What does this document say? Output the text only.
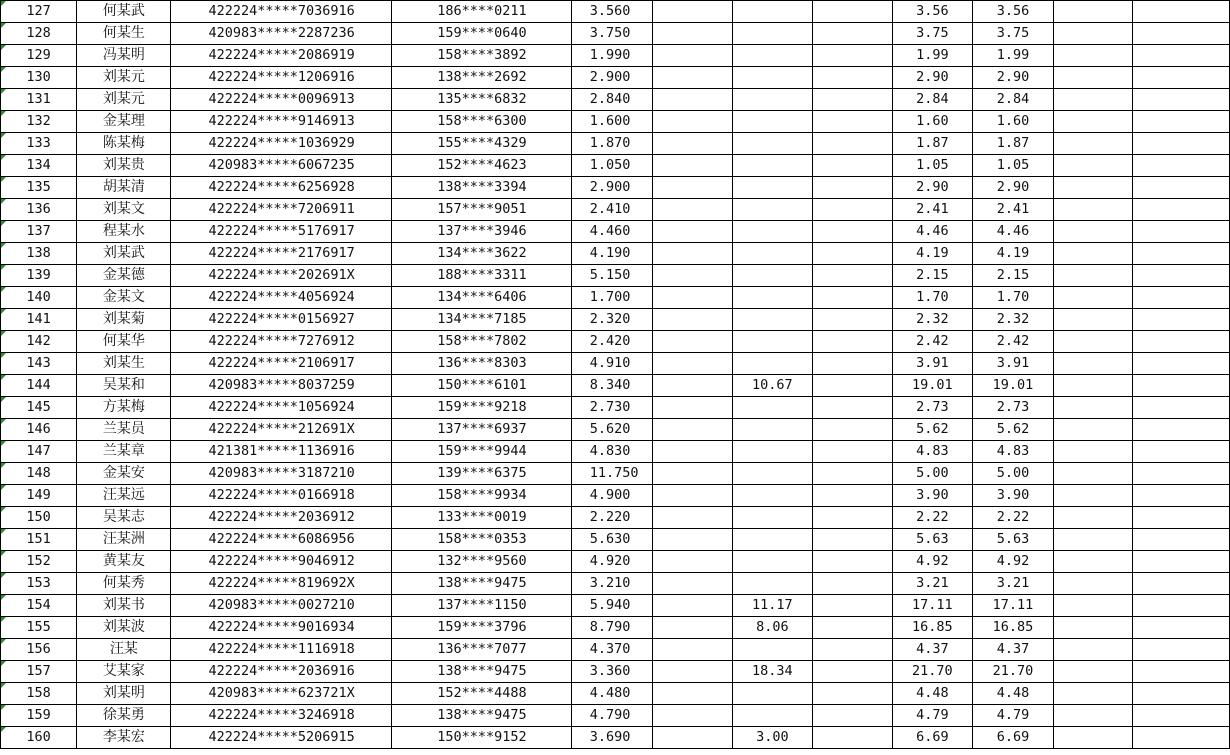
127	何某武	422224*****7036916	186****0211	3.560				3.56	3.56		
128	何某生	420983*****2287236	159****0640	3.750				3.75	3.75		
129	冯某明	422224*****2086919	158****3892	1.990				1.99	1.99		
130	刘某元	422224*****1206916	138****2692	2.900				2.90	2.90		
131	刘某元	422224*****0096913	135****6832	2.840				2.84	2.84		
132	金某理	422224*****9146913	158****6300	1.600				1.60	1.60		
133	陈某梅	422224*****1036929	155****4329	1.870				1.87	1.87		
134	刘某贵	420983*****6067235	152****4623	1.050				1.05	1.05		
135	胡某清	422224*****6256928	138****3394	2.900				2.90	2.90		
136	刘某文	422224*****7206911	157****9051	2.410				2.41	2.41		
137	程某水	422224*****5176917	137****3946	4.460				4.46	4.46		
138	刘某武	422224*****2176917	134****3622	4.190				4.19	4.19		
139	金某德	422224*****202691X	188****3311	5.150				2.15	2.15		
140	金某文	422224*****4056924	134****6406	1.700				1.70	1.70		
141	刘某菊	422224*****0156927	134****7185	2.320				2.32	2.32		
142	何某华	422224*****7276912	158****7802	2.420				2.42	2.42		
143	刘某生	422224*****2106917	136****8303	4.910				3.91	3.91		
144	吴某和	420983*****8037259	150****6101	8.340		10.67		19.01	19.01		
145	方某梅	422224*****1056924	159****9218	2.730				2.73	2.73		
146	兰某员	422224*****212691X	137****6937	5.620				5.62	5.62		
147	兰某章	421381*****1136916	159****9944	4.830				4.83	4.83		
148	金某安	420983*****3187210	139****6375	11.750				5.00	5.00		
149	汪某远	422224*****0166918	158****9934	4.900				3.90	3.90		
150	吴某志	422224*****2036912	133****0019	2.220				2.22	2.22		
151	汪某洲	422224*****6086956	158****0353	5.630				5.63	5.63		
152	黄某友	422224*****9046912	132****9560	4.920				4.92	4.92		
153	何某秀	422224*****819692X	138****9475	3.210				3.21	3.21		
154	刘某书	420983*****0027210	137****1150	5.940		11.17		17.11	17.11		
155	刘某波	422224*****9016934	159****3796	8.790		8.06		16.85	16.85		
156	汪某	422224*****1116918	136****7077	4.370				4.37	4.37		
157	艾某家	422224*****2036916	138****9475	3.360		18.34		21.70	21.70		
158	刘某明	420983*****623721X	152****4488	4.480				4.48	4.48		
159	徐某勇	422224*****3246918	138****9475	4.790				4.79	4.79		
160	李某宏	422224*****5206915	150****9152	3.690		3.00		6.69	6.69		
